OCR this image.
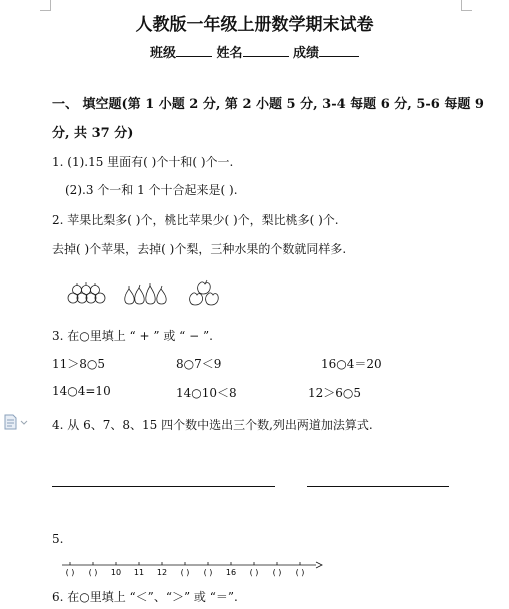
人教版一年级上册数学期末试卷
班级	姓名	成绩
一、 填空题(第 1 小题 2 分, 第 2 小题 5 分, 3-4 每题 6 分, 5-6 每题 9
分, 共 37 分)
1. (1).15 里面有( )个十和( )个一.
(2).3 个一和 1 个十合起来是( ).
2. 苹果比梨多( )个，桃比苹果少( )个，梨比桃多( )个.
去掉( )个苹果，去掉( )个梨，三种水果的个数就同样多.
3. 在○里填上 “ + ” 或 “ − ”.
11＞8○5	8○7＜9	16○4＝20
14○4=10	14○10＜8	12＞6○5
4. 从 6、7、8、15 四个数中选出三个数,列出两道加法算式.
5.
( ) ( ) 10 11 12 ( ) ( ) 16 ( ) ( ) ( )
6. 在○里填上 “＜”、“＞” 或 “＝”.
